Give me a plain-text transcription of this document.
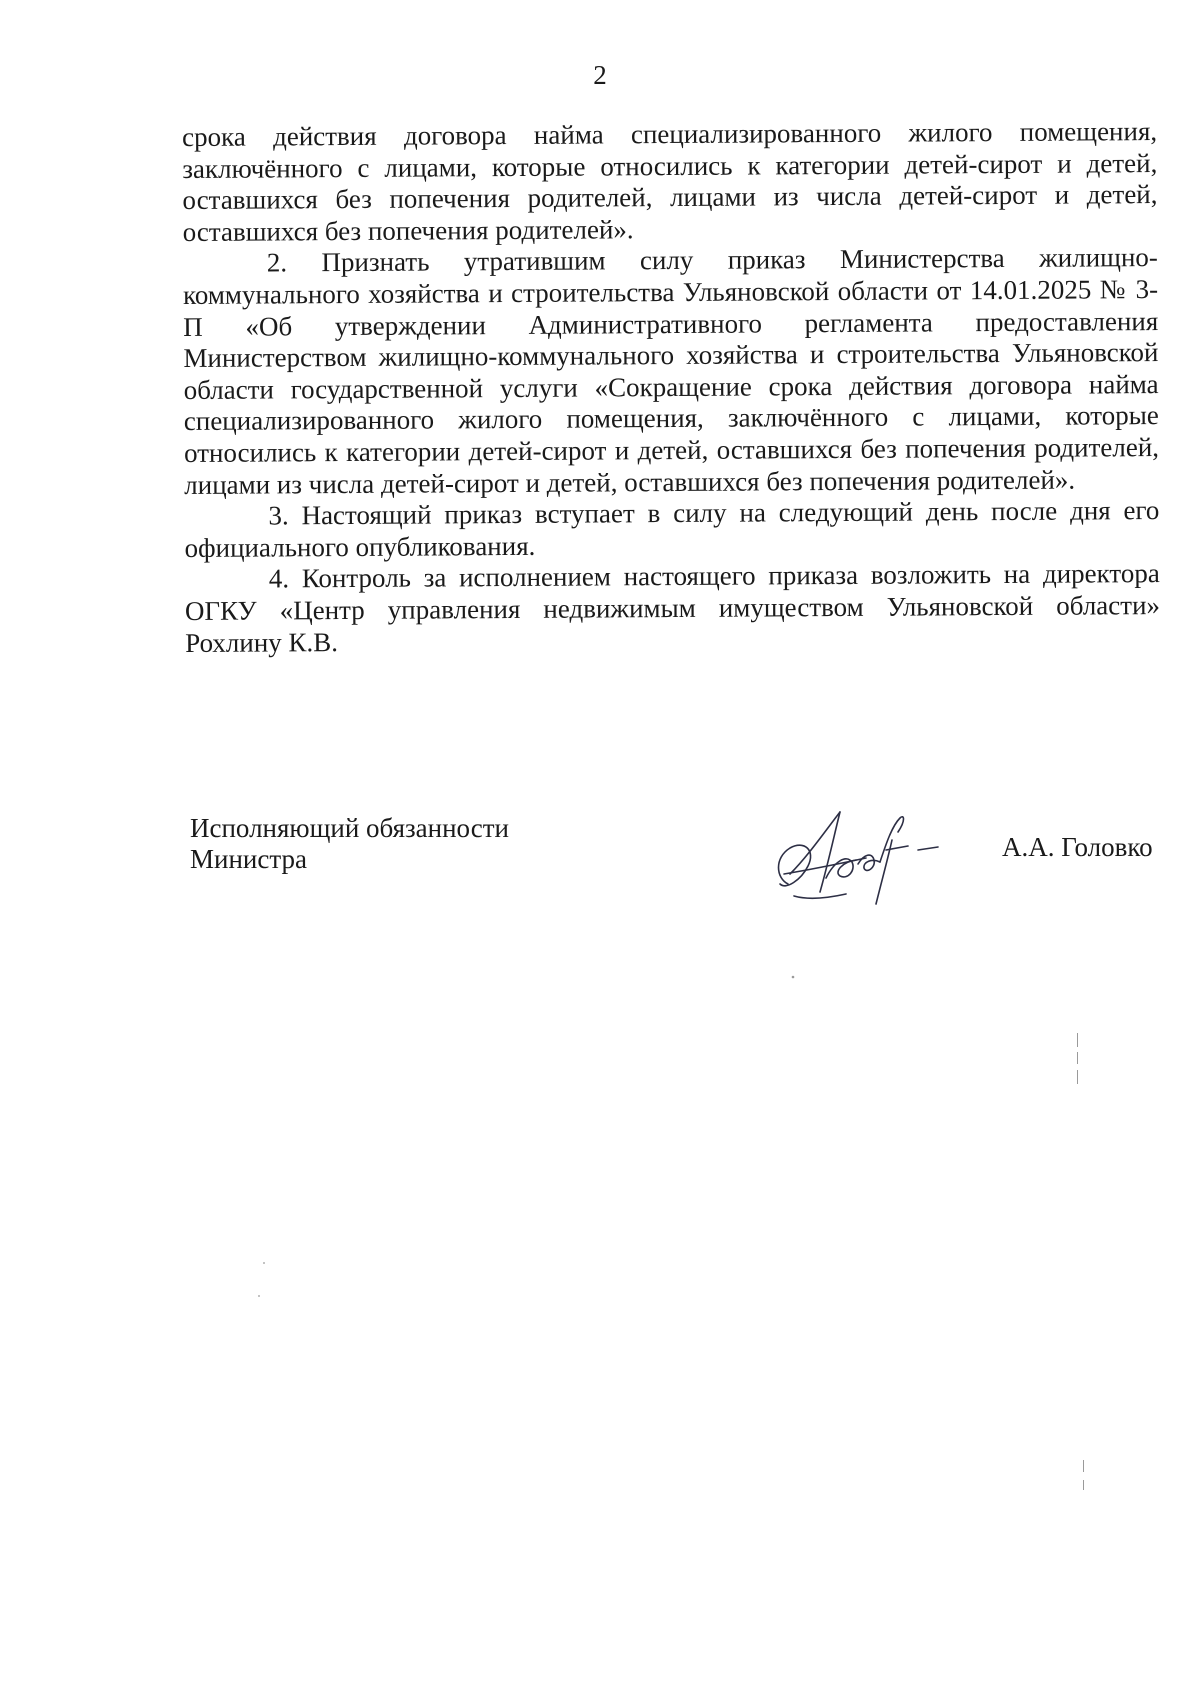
2

срока действия договора найма специализированного жилого помещения, заключённого с лицами, которые относились к категории детей-сирот и детей, оставшихся без попечения родителей, лицами из числа детей-сирот и детей, оставшихся без попечения родителей».

2. Признать утратившим силу приказ Министерства жилищно-коммунального хозяйства и строительства Ульяновской области от 14.01.2025 № 3-П «Об утверждении Административного регламента предоставления Министерством жилищно-коммунального хозяйства и строительства Ульяновской области государственной услуги «Сокращение срока действия договора найма специализированного жилого помещения, заключённого с лицами, которые относились к категории детей-сирот и детей, оставшихся без попечения родителей, лицами из числа детей-сирот и детей, оставшихся без попечения родителей».

3. Настоящий приказ вступает в силу на следующий день после дня его официального опубликования.

4. Контроль за исполнением настоящего приказа возложить на директора ОГКУ «Центр управления недвижимым имуществом Ульяновской области» Рохлину К.В.

Исполняющий обязанности
Министра	А.А. Головко
